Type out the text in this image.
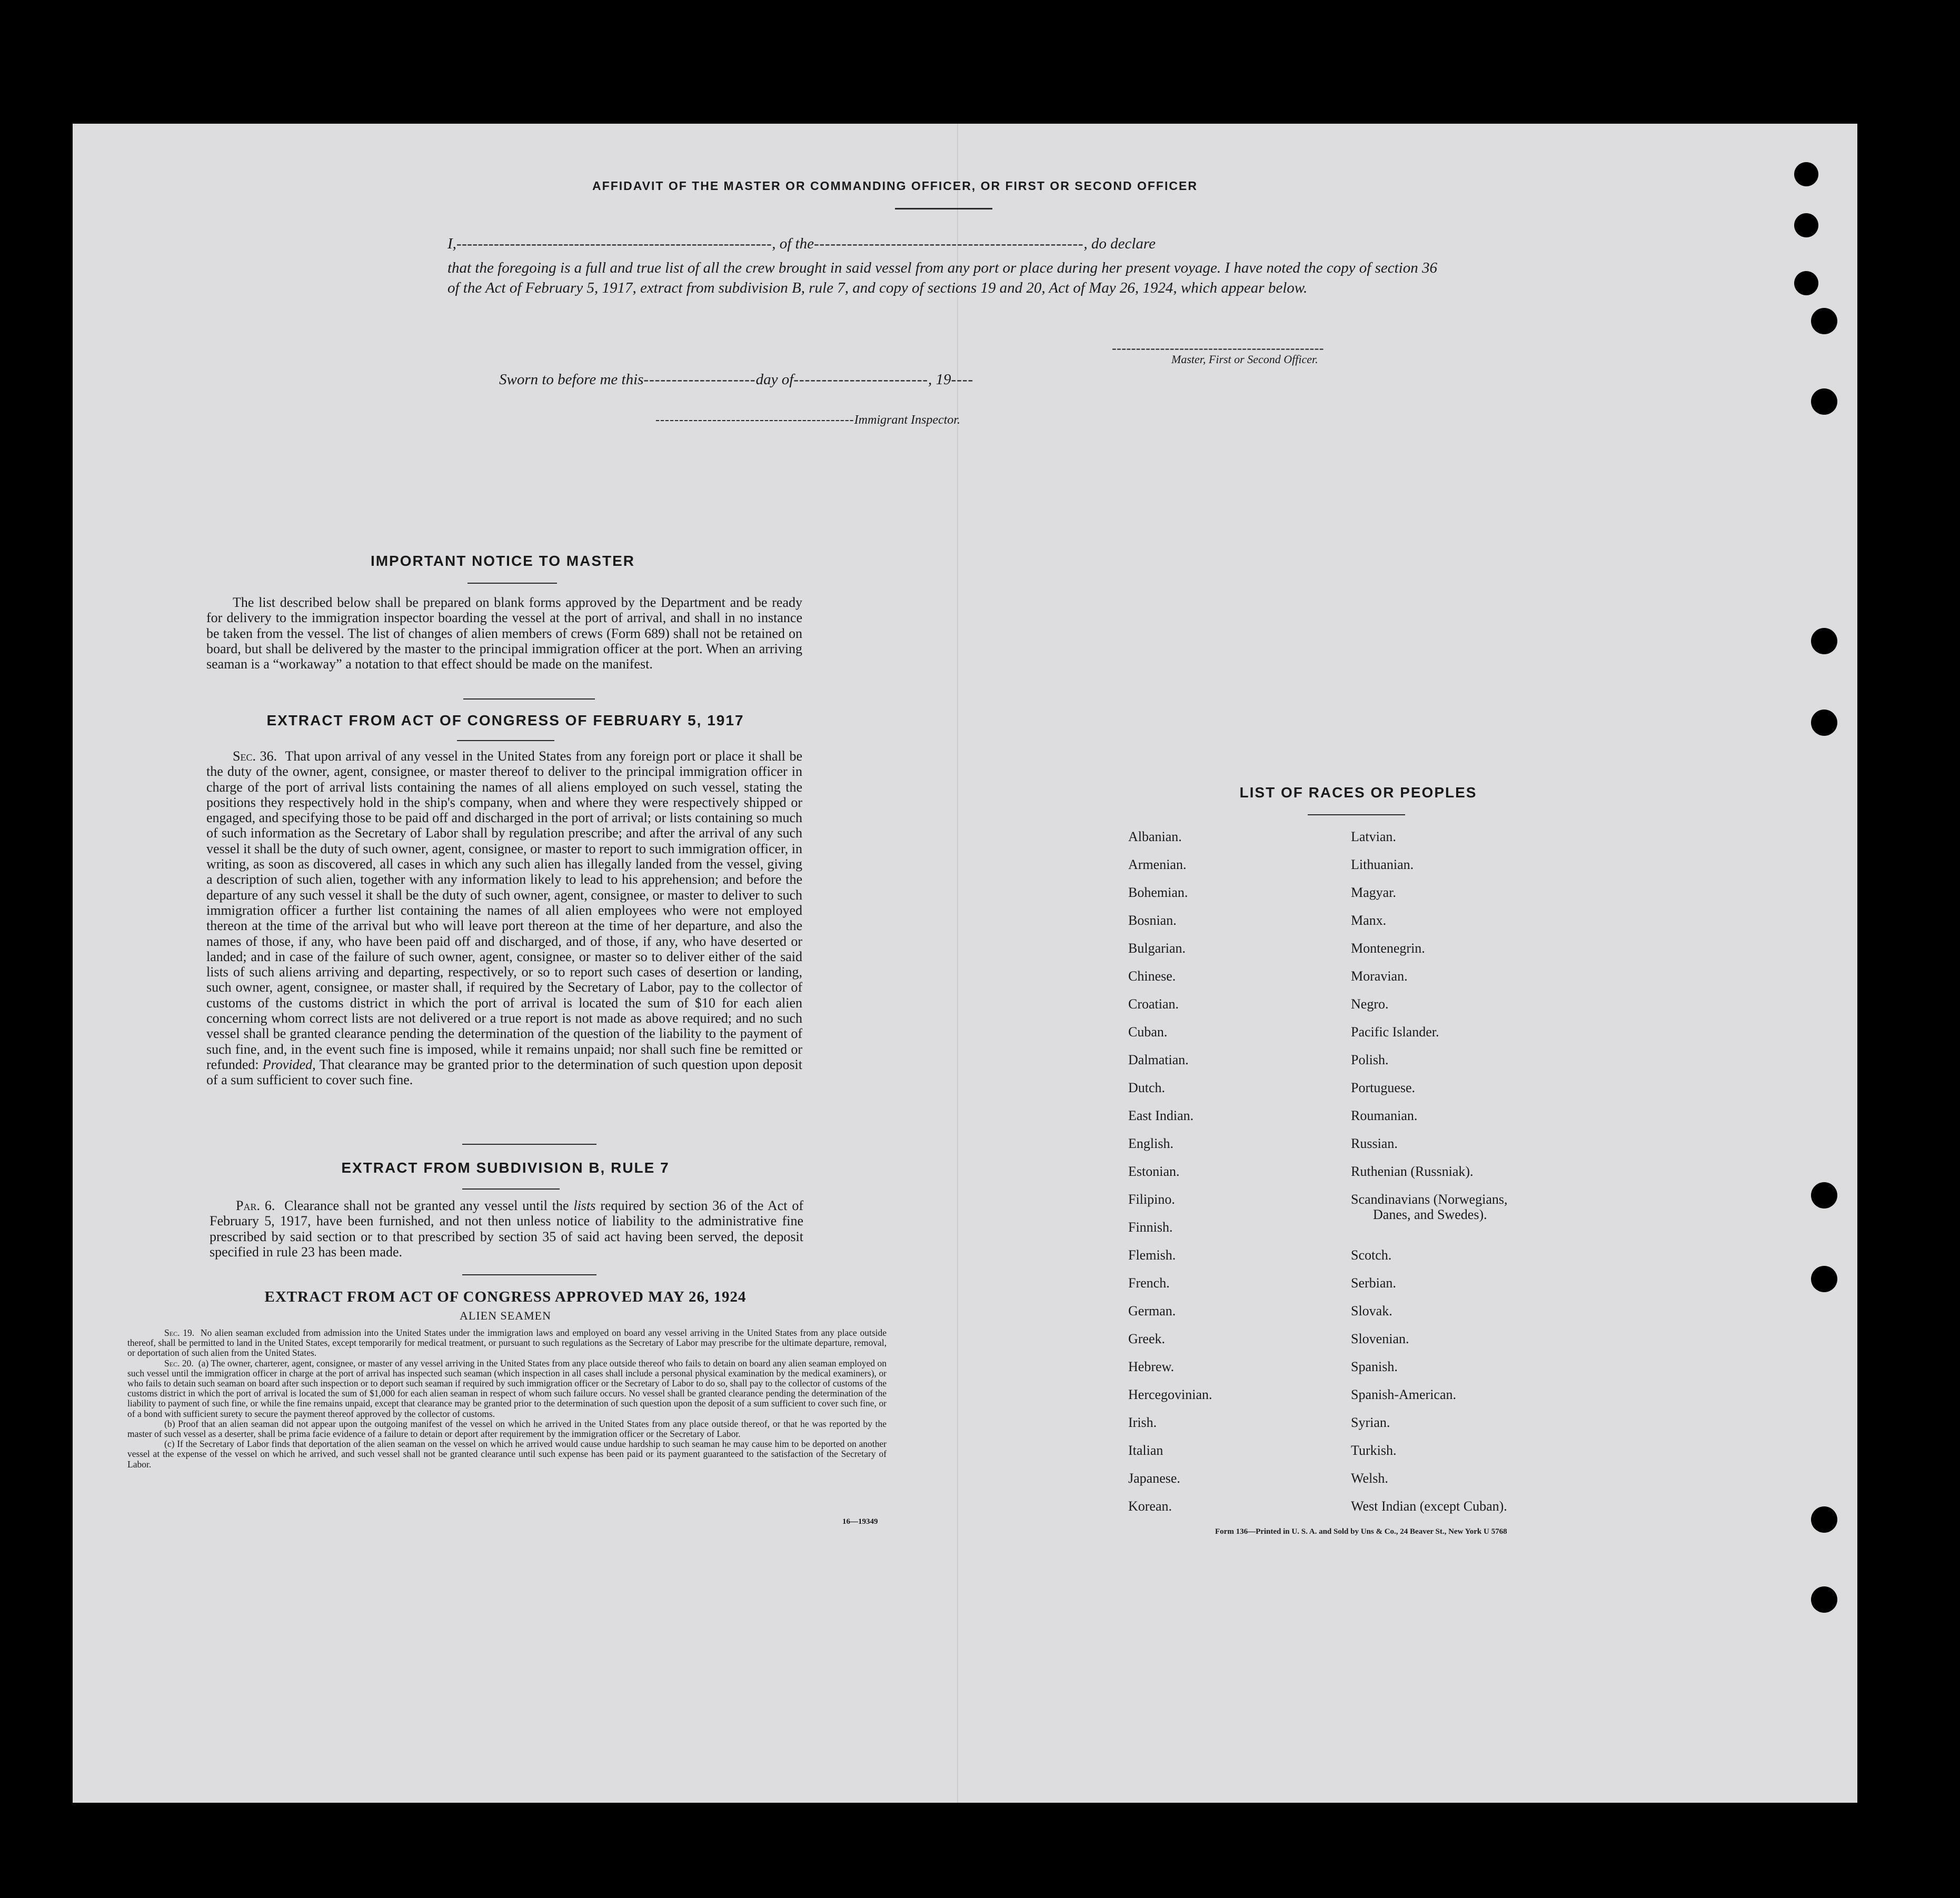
AFFIDAVIT OF THE MASTER OR COMMANDING OFFICER, OR FIRST OR SECOND OFFICER
I,-----------------------------------------------------------, of the-------------------------------------------------, do declare
that the foregoing is a full and true list of all the crew brought in said vessel from any port or place during her present voyage. I have noted the copy of section 36 of the Act of February 5, 1917, extract from subdivision B, rule 7, and copy of sections 19 and 20, Act of May 26, 1924, which appear below.
--------------------------------------------
Master, First or Second Officer.
Sworn to before me this--------------------day of------------------------, 19----
------------------------------------------Immigrant Inspector.
IMPORTANT NOTICE TO MASTER

The list described below shall be prepared on blank forms approved by the Department and be ready for delivery to the immigration inspector boarding the vessel at the port of arrival, and shall in no instance be taken from the vessel. The list of changes of alien members of crews (Form 689) shall not be retained on board, but shall be delivered by the master to the principal immigration officer at the port. When an arriving seaman is a “workaway” a notation to that effect should be made on the manifest.

EXTRACT FROM ACT OF CONGRESS OF FEBRUARY 5, 1917

Sec. 36. That upon arrival of any vessel in the United States from any foreign port or place it shall be the duty of the owner, agent, consignee, or master thereof to deliver to the principal immigration officer in charge of the port of arrival lists containing the names of all aliens employed on such vessel, stating the positions they respectively hold in the ship's company, when and where they were respectively shipped or engaged, and specifying those to be paid off and discharged in the port of arrival; or lists containing so much of such information as the Secretary of Labor shall by regulation prescribe; and after the arrival of any such vessel it shall be the duty of such owner, agent, consignee, or master to report to such immigration officer, in writing, as soon as discovered, all cases in which any such alien has illegally landed from the vessel, giving a description of such alien, together with any information likely to lead to his apprehension; and before the departure of any such vessel it shall be the duty of such owner, agent, consignee, or master to deliver to such immigration officer a further list containing the names of all alien employees who were not employed thereon at the time of the arrival but who will leave port thereon at the time of her departure, and also the names of those, if any, who have been paid off and discharged, and of those, if any, who have deserted or landed; and in case of the failure of such owner, agent, consignee, or master so to deliver either of the said lists of such aliens arriving and departing, respectively, or so to report such cases of desertion or landing, such owner, agent, consignee, or master shall, if required by the Secretary of Labor, pay to the collector of customs of the customs district in which the port of arrival is located the sum of $10 for each alien concerning whom correct lists are not delivered or a true report is not made as above required; and no such vessel shall be granted clearance pending the determination of the question of the liability to the payment of such fine, and, in the event such fine is imposed, while it remains unpaid; nor shall such fine be remitted or refunded: Provided, That clearance may be granted prior to the determination of such question upon deposit of a sum sufficient to cover such fine.

EXTRACT FROM SUBDIVISION B, RULE 7

Par. 6. Clearance shall not be granted any vessel until the lists required by section 36 of the Act of February 5, 1917, have been furnished, and not then unless notice of liability to the administrative fine prescribed by said section or to that prescribed by section 35 of said act having been served, the deposit specified in rule 23 has been made.

EXTRACT FROM ACT OF CONGRESS APPROVED MAY 26, 1924
ALIEN SEAMEN

Sec. 19. No alien seaman excluded from admission into the United States under the immigration laws and employed on board any vessel arriving in the United States from any place outside thereof, shall be permitted to land in the United States, except temporarily for medical treatment, or pursuant to such regulations as the Secretary of Labor may prescribe for the ultimate departure, removal, or deportation of such alien from the United States.

Sec. 20. (a) The owner, charterer, agent, consignee, or master of any vessel arriving in the United States from any place outside thereof who fails to detain on board any alien seaman employed on such vessel until the immigration officer in charge at the port of arrival has inspected such seaman (which inspection in all cases shall include a personal physical examination by the medical examiners), or who fails to detain such seaman on board after such inspection or to deport such seaman if required by such immigration officer or the Secretary of Labor to do so, shall pay to the collector of customs of the customs district in which the port of arrival is located the sum of $1,000 for each alien seaman in respect of whom such failure occurs. No vessel shall be granted clearance pending the determination of the liability to payment of such fine, or while the fine remains unpaid, except that clearance may be granted prior to the determination of such question upon the deposit of a sum sufficient to cover such fine, or of a bond with sufficient surety to secure the payment thereof approved by the collector of customs.

(b) Proof that an alien seaman did not appear upon the outgoing manifest of the vessel on which he arrived in the United States from any place outside thereof, or that he was reported by the master of such vessel as a deserter, shall be prima facie evidence of a failure to detain or deport after requirement by the immigration officer or the Secretary of Labor.

(c) If the Secretary of Labor finds that deportation of the alien seaman on the vessel on which he arrived would cause undue hardship to such seaman he may cause him to be deported on another vessel at the expense of the vessel on which he arrived, and such vessel shall not be granted clearance until such expense has been paid or its payment guaranteed to the satisfaction of the Secretary of Labor.

16—19349
LIST OF RACES OR PEOPLES
Albanian.
Armenian.
Bohemian.
Bosnian.
Bulgarian.
Chinese.
Croatian.
Cuban.
Dalmatian.
Dutch.
East Indian.
English.
Estonian.
Filipino.
Finnish.
Flemish.
French.
German.
Greek.
Hebrew.
Hercegovinian.
Irish.
Italian
Japanese.
Korean.
Latvian.
Lithuanian.
Magyar.
Manx.
Montenegrin.
Moravian.
Negro.
Pacific Islander.
Polish.
Portuguese.
Roumanian.
Russian.
Ruthenian (Russniak).
Scandinavians (Norwegians,
Danes, and Swedes).
Scotch.
Serbian.
Slovak.
Slovenian.
Spanish.
Spanish-American.
Syrian.
Turkish.
Welsh.
West Indian (except Cuban).
Form 136—Printed in U. S. A. and Sold by Uns & Co., 24 Beaver St., New York U 5768
